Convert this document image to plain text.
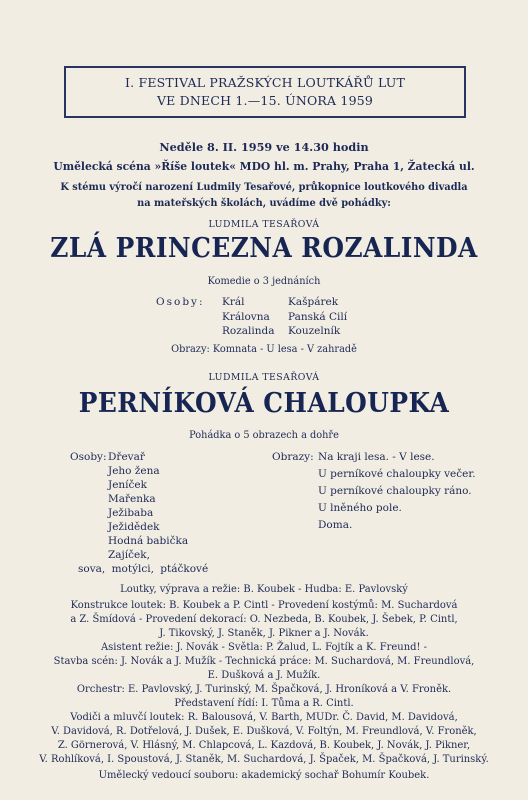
I. FESTIVAL PRAŽSKÝCH LOUTKÁŘŮ LUT
VE DNECH 1.—15. ÚNORA 1959
Neděle 8. II. 1959 ve 14.30 hodin
Umělecká scéna »Říše loutek« MDO hl. m. Prahy, Praha 1, Žatecká ul.
K stému výročí narození Ludmily Tesařové, průkopnice loutkového divadla
na mateřských školách, uvádíme dvě pohádky:
LUDMILA TESAŘOVÁ
ZLÁ PRINCEZNA ROZALINDA
Komedie o 3 jednáních
Osoby: Král
Královna
Rozalinda
Kašpárek
Panská Cilí
Kouzelník
Obrazy: Komnata - U lesa - V zahradě
LUDMILA TESAŘOVÁ
PERNÍKOVÁ CHALOUPKA
Pohádka o 5 obrazech a dohře
Osoby: Dřevař
Jeho žena
Jeníček
Mařenka
Ježibaba
Ježidědek
Hodná babička
Zajíček,
sova, motýlci, ptáčkové
Obrazy: Na kraji lesa. - V lese.
U perníkové chaloupky večer.
U perníkové chaloupky ráno.
U lněného pole.
Doma.
Loutky, výprava a režie: B. Koubek - Hudba: E. Pavlovský
Konstrukce loutek: B. Koubek a P. Cintl - Provedení kostýmů: M. Suchardová
a Z. Šmídová - Provedení dekorací: O. Nezbeda, B. Koubek, J. Šebek, P. Cintl,
J. Tikovský, J. Staněk, J. Pikner a J. Novák.
Asistent režie: J. Novák - Světla: P. Žalud, L. Fojtík a K. Freund! -
Stavba scén: J. Novák a J. Mužík - Technická práce: M. Suchardová, M. Freundlová,
E. Dušková a J. Mužík.
Orchestr: E. Pavlovský, J. Turinský, M. Špačková, J. Hroníková a V. Froněk.
Představení řídí: I. Tůma a R. Cintl.
Vodiči a mluvčí loutek: R. Balousová, V. Barth, MUDr. Č. David, M. Davidová,
V. Davidová, R. Dotřelová, J. Dušek, E. Dušková, V. Foltýn, M. Freundlová, V. Froněk,
Z. Görnerová, V. Hlásný, M. Chlapcová, L. Kazdová, B. Koubek, J. Novák, J. Pikner,
V. Rohlíková, I. Spoustová, J. Staněk, M. Suchardová, J. Špaček, M. Špačková, J. Turinský.
Umělecký vedoucí souboru: akademický sochař Bohumír Koubek.
